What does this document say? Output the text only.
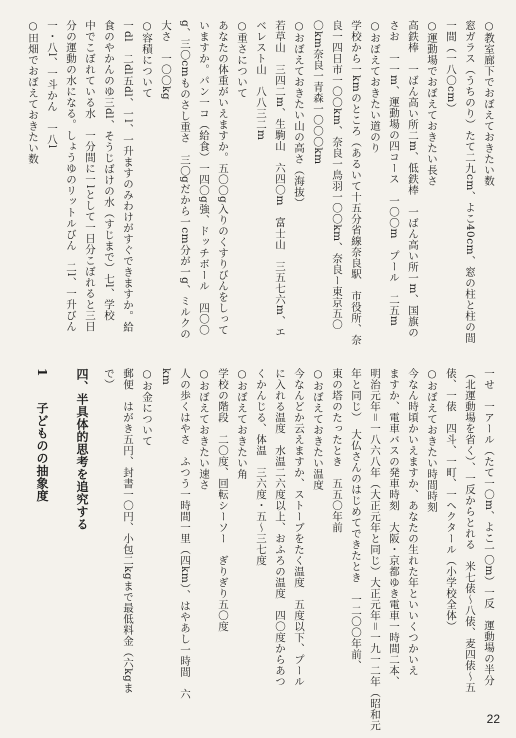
○教室廊下でおぼえておきたい数
窓ガラス（うちのり）たて二九cm、よこ40cm、窓の柱と柱の間
一間（一八〇cm）
○運動場でおぼえておきたい長さ
高鉄棒　一ばん高い所二m、低鉄棒　一ばん高い所一m、国旗の
さお　一一m、運動場の四コース　一〇〇m　プール　二五m
○おぼえておきたい道のり
学校から一kmのところ（あるいて十五分省線奈良駅　市役所、奈
良一四日市一〇〇km、奈良一鳥羽一〇〇km、奈良ー東京五〇
〇km奈良一青森一〇〇〇km
○おぼえておきたい山の高さ（海抜）
若草山　三四二m、生駒山　六四〇m　富士山　三五七六m、エ
ベレスト山　八八三二m
○重さについて
あなたの体重がいえますか。五〇〇g入りのくすりびんをしって
いますか。パン一コ（給食）一四〇g強、ドッチボール　四〇〇
g、三〇cmものさし重さ　三〇gだから一cm分が一g、ミルクの
大さ　一〇〇kg
○容積について
一dl　二dl五dl、一l、一升ますのみわけがすぐできますか。給
食のやかんのゆ三dl、そうじばけの水（すじまで）七l、学校
中でこぼれている水　一分間に一lとして一日分こぼれると三日
分の運動の水になる。しょうゆのリットルびん　二l、一升びん
一・八l、一斗かん　一八l
○田畑でおぼえておきたい数
一せ　一アール（たて一〇m、よこ一〇m）一反　運動場の半分
（北運動場を省く）、一反からとれる　米七俵～八俵、麦四俵～五
俵、一俵　四斗、一町、一ヘクタール（小学校全体）
○おぼえておきたい時間時刻
今なん時頃かいえますか、あなたの生れた年といいくつかいえ
ますか、電車バスの発車時刻　大阪・京都ゆき電車一時間二本、
明治元年＝一八六八年（大正元年と同じ）大正元年＝一九一二年（昭和元
年と同じ）　大仏さんのはじめてできたとき　一二〇〇年前、
東の塔のたったとき　五五〇年前
○おぼえておきたい温度
今なんどか云えますか、ストーブをたく温度　五度以下、プール
に入れる温度　水温二六度以上、おふろの温度　四〇度からあつ
くかんじる、体温　三六度・五～三七度
○おぼえておきたい角
学校の階段　二〇度、回転シーソー　ぎりぎり五〇度
○おぼえておきたい速さ
人の歩くはやさ　ふつう一時間一里（四km）、はやあし一時間　六
km
○お金について
郵便　はがき五円、封書一〇円、小包二kgまで最低料金（六kgま
で）
四、半具体的思考を追究する
1
子どものの抽象度
22
